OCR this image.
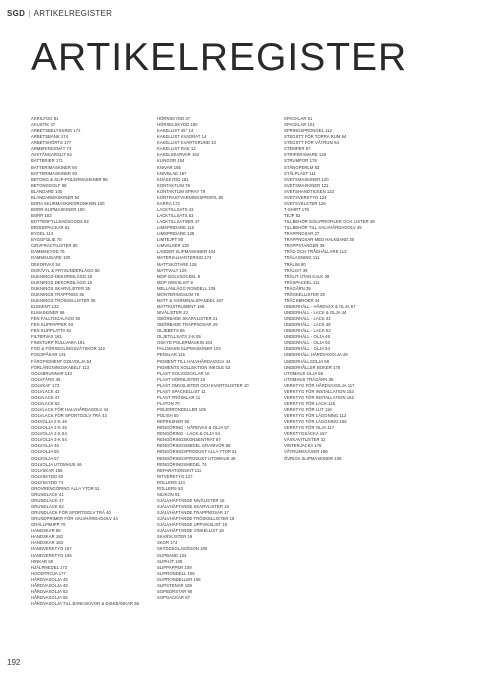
SGD | ARTIKELREGISTER
ARTIKELREGISTER
AKRILFOG 81
AKUSTIK 47
ARBETSBELYSNING 171
ARBETSBÄNK 174
ARBETSHÖRTS 177
ARMERINGSNÄT 74
AVSTÅNGARSLIT 62
BATTERIER 171
BATTERIMASKINER 94
BATTERIMASKINER 93
BETONG & SLIP-POLERMASKINER 98
BETONGGOLF 98
BLANDARE 100
BLANDARMASKINER 94
BORA SKURMASKIN/DRONKNIN 100
BORR-SLIPMASKINER 100
BORR 103
BOTTENFYLLNADSGODS 82
BRODDPACKAR 61
BYGEL 114
BYGGFOLIE 70
CIDVFRACTILISTER 80
DAMMSKYDD 76
DAMMSUGARE 100
DEKORVAX 54
DISK/VYL & FRYSUNDERLÄGG 65
DUKNINGS-DEKORINLÄGG 16
DUKNINGS DEKORINLÄGG 16
DUKNINGS SKARVLISTER 35
DUKNINGS TRAPPNOS 36
DUKNINGS TROSKELLISTER 35
ELEKENT 132
ELMASKINER 96
FEN FALLTOGALÄGG 92
FEN SLIPPAPPER 93
FEN SLIPPLATTA 91
FILTERVAX 181
FINISTURP RULLVARA 191
FOG & FÖRSEGLINGSVÄTSKOR 142
FOGSPÅKAR 131
FÄRGPIGMENT GOLVOLJA 54
FÖRLÄNGNINGSKABELT 113
GOLVBRUNNAR 143
GOLVFÄRG 46
GOLVKAF 173
GOLVLACK 42
GOLVLACK 47
GOLVLACK 52
GOLVLACK FÖR HALVHÅRDAGOLV 44
GOLVLACK FÖR SPORTGOLV TRÄ 43
GOLVOLJA 2-K 46
GOLVOLJA 2-K 46
GOLVOLJA 2-K 54
GOLVOLJA 2-K 54
GOLVOLJA 46
GOLVOLJA 50
GOLVOLJA 57
GOLVOLJA UTOMHUS 46
GOLVSKAR 156
GOLVSKYDD 63
GOLVSKYDD 74
GROVRENGÖRING ALLA YTOR 51
GRUNDLACK 41
GRUNDLACK 47
GRUNDLACK 52
GRUNDLACK FÖR SPORTGOLV TRÄ 40
GRUNDPRIMER FÖR HALVHÅRDAGOLV 44
GRÄLLPIMIPP 70
HANDSKAR 88
HANDSKAR 182
HANDSKAR 183
HANDVERKTYG 167
HANDVERKTYG 165
HINKAR 60
HJÄLPMEDEL 173
HOODTROJA 177
HÅRDVAXOLJA 49
HÅRDVAXOLJA 49
HÅRDVAXOLJA 53
HÅRDVAXOLJA 55
HÅRDVAXOLJA TILL BÄNKSKIVOR & DISKBÄNKAR 56
HÖRNSKYDD 37
HÖRSELSKYDD 180
KAKELLIST 45° 14
KAKELLIST KVADRAT 14
KAKELLIST KVARTSRUND 13
KAKELLIST RAK 12
KAKELSKARVAR 152
KLINGOR 154
KNIVAR 165
KNIVBLAD 167
KNÄSKYDD 181
KONTAKTLIM 79
KONTAKTLIM SPRAY 79
KONTRASTVARNINGSPROFIL 80
KARRA 173
LACKTILLSATS 43
LACKTILLSATS 53
LACKTILLSATSER 47
LIMSPRIDARE 118
LIMSPRIDARE 138
LIMTEJPT 80
LIMVALSER 130
LADDER SLIPMASKINER 104
MATERIALHANTERING 174
MATTSKÖTARE 128
MATTVALT 129
MOP GOLVSOCKEL 9
MOP OMVSLIST 9
MELLANLÄGG RONDELL 109
MONTERINGSLIM 78
MATT & HÄRMINALSPANDEL 167
MATTKISTRUMENT 169
NIVÅLISTER 23
OBÖRBADE SKARVLISTER 21
OBÖRBADE TRAPPNOSAR 29
OLJEBETS 56
OLJETILLSATS 2-K 55
OSKYD POLERMASKIN 104
PALLMANN SLIPMASKINER 104
PENSLAR 115
PIGMENT TILL HALVHÅRDAGOLV 44
PIGMENTS KOLLEKTION INKOLE 53
PLAST GOLVSOCKLAR 10
PLAST HÖRNLISTER 10
PLAST OMVSLISTER OCH KVARTSLISTER 10
PLAST SPACKELLIST 11
PLAST TRÖSKLAR 11
PLATON 70
POLERRONDELLER 109
POLISH 50
REFRESHER 50
RENGÖRING - HÅRDVAX & OLJA 57
RENGÖRING - LACK & OLJA 54
RENGÖRINGSKONSENTRAT 87
RENGÖRINGSMEDEL GRANIVOR 89
RENGÖRINGSPRODUKT ALLA YTOR 51
RENGÖRINGSPRODUKT UTOMHUS 46
RENGÖRINGSMEDEL 74
REPARATIONSKIT 111
RITVERKTYG 127
ROLLERS 114
ROLLERS 63
SILIKON 81
SJÄLVHÄFTANDE NIVÅLISTER 16
SJÄLVHÄFTANDE SKARVLISTER 15
SJÄLVHÄFTANDE TRAPPNOSAR 17
SJÄLVHÄFTANDE TRÖSKELLISTER 18
SJÄLVHÄFTANDE UPPVIKSLIST 18
SJÄLVHÄFTANDE VINKELLIST 18
SKARVLISTER 19
SKOR 174
SKYDDSGLASÖGON 180
SLIPBAND 104
SLIPHJT 108
SLIPPAPPER 109
SLIPRONDELL 106
SLIPRONDELLER 108
SLIPSTENAR 109
SOPBORSTAR 90
SOPGACKAR 87
SPACKLAR 61
SPACKLAR 101
SPRINGSPRONGEL 112
STEGSTT FÖR TORRA RUM 64
STEGSTT FÖR VÅTRUM 64
STEMPER 67
STRIPKRAMARE 128
STRUMPOR 178
STÅNGPERLM 83
STÅLPLAST 111
SVETSMASKINER 120
SVETSMASKINER 121
SVETSHANDTICKEN 122
SVETSVERKTYG 124
SVETSVELSTER 126
T-SHIRT 178
TEJP 82
TILLBEHÖR GOLVPROFILER OCH LISTER 39
TILLBEHÖR TILL HALVHÅRDAGOLV 45
TRAPPNOSAR 27
TRAPPNOSAR MED HALKBAND 30
TRAPPSTANGER 38
TRÅD OCH TRÅDHÅLLARE 113
TRÄLAGNING 111
TRÄLIM 80
TRÄLIST 39
TRÄLIT UTAN KALK 39
TRÄSPACKEL 111
TRÄGÅRN 39
TRÖSKELLISTER 26
TRÄCKBROER 44
UNDERHÄLL - HÅRDVAX & OLJA 57
UNDERHÄLL - LACK & OLJA 44
UNDERHÄLL - LACK 43
UNDERHÄLL - LACK 49
UNDERHÄLL - LACK 53
UNDERHÄLL - OLJA 46
UNDERHÄLL - OLJA 50
UNDERHÄLL - OLJA 54
UNDERHÄLL HÄRDVAXOLJA 49
UNDERHÄLLSOLJA 58
UNDERHÅLLER BOKER 178
UTOMHUS OLJA 56
UTOMHUS TRÄGÅRN 39
VERKTYG FÖR HÅRDVAXOLJA 117
VERKTYG FÖR INSTALLATION 153
VERKTYG FÖR INSTALLATION 162
VERKTYG FÖR LACK 115
VERKTYG FÖR LUT 116
VERKTYG FÖR LÄGGNING 112
VERKTYG FÖR LÄGGNING 159
VERKTYG FÖR OLJA 117
VERKTYGSÄCKA 167
VÄXKAVITLISTER 32
VINTERJACKA 178
VÅTRUMSVÄXER 189
ÖVRIGA SLIPMASKINER 106
192
